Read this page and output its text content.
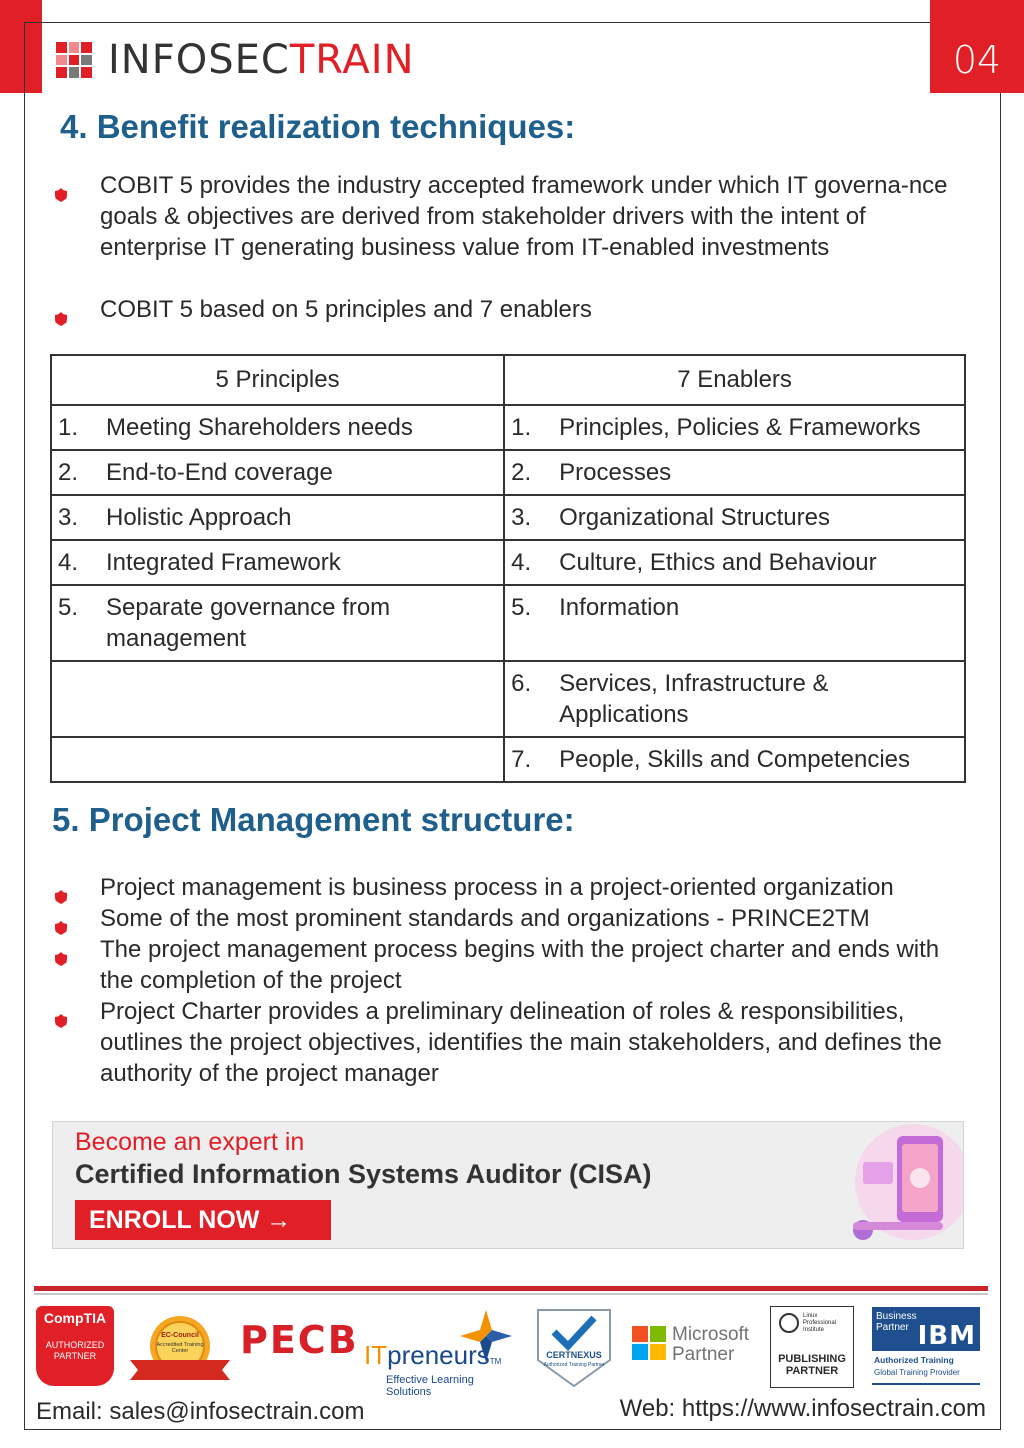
04
INFOSECTRAIN
4. Benefit realization techniques:
COBIT 5 provides the industry accepted framework under which IT governa-nce goals & objectives are derived from stakeholder drivers with the intent of enterprise IT generating business value from IT-enabled investments
COBIT 5 based on 5 principles and 7 enablers
5 Principles	7 Enablers

1. Meeting Shareholders needs	1. Principles, Policies & Frameworks

2. End-to-End coverage	2. Processes

3. Holistic Approach	3. Organizational Structures

4. Integrated Framework	4. Culture, Ethics and Behaviour

5. Separate governance from management	5. Information

	6. Services, Infrastructure & Applications

	7. People, Skills and Competencies
5. Project Management structure:
Project management is business process in a project-oriented organization
Some of the most prominent standards and organizations - PRINCE2TM
The project management process begins with the project charter and ends with the completion of the project
Project Charter provides a preliminary delineation of roles & responsibilities, outlines the project objectives, identifies the main stakeholders, and defines the authority of the project manager
Become an expert in
Certified Information Systems Auditor (CISA)
ENROLL NOW →
CompTIA
AUTHORIZED PARTNER
EC-Council
Accredited Training Center	PECB ITpreneursTM
Effective Learning Solutions
CERTNEXUS
Authorized Training Partner
Microsoft
Partner
Linux Professional Institute
PUBLISHING PARTNER
Business Partner IBM
Authorized Training
Global Training Provider
Email: sales@infosectrain.com	Web: https://www.infosectrain.com
